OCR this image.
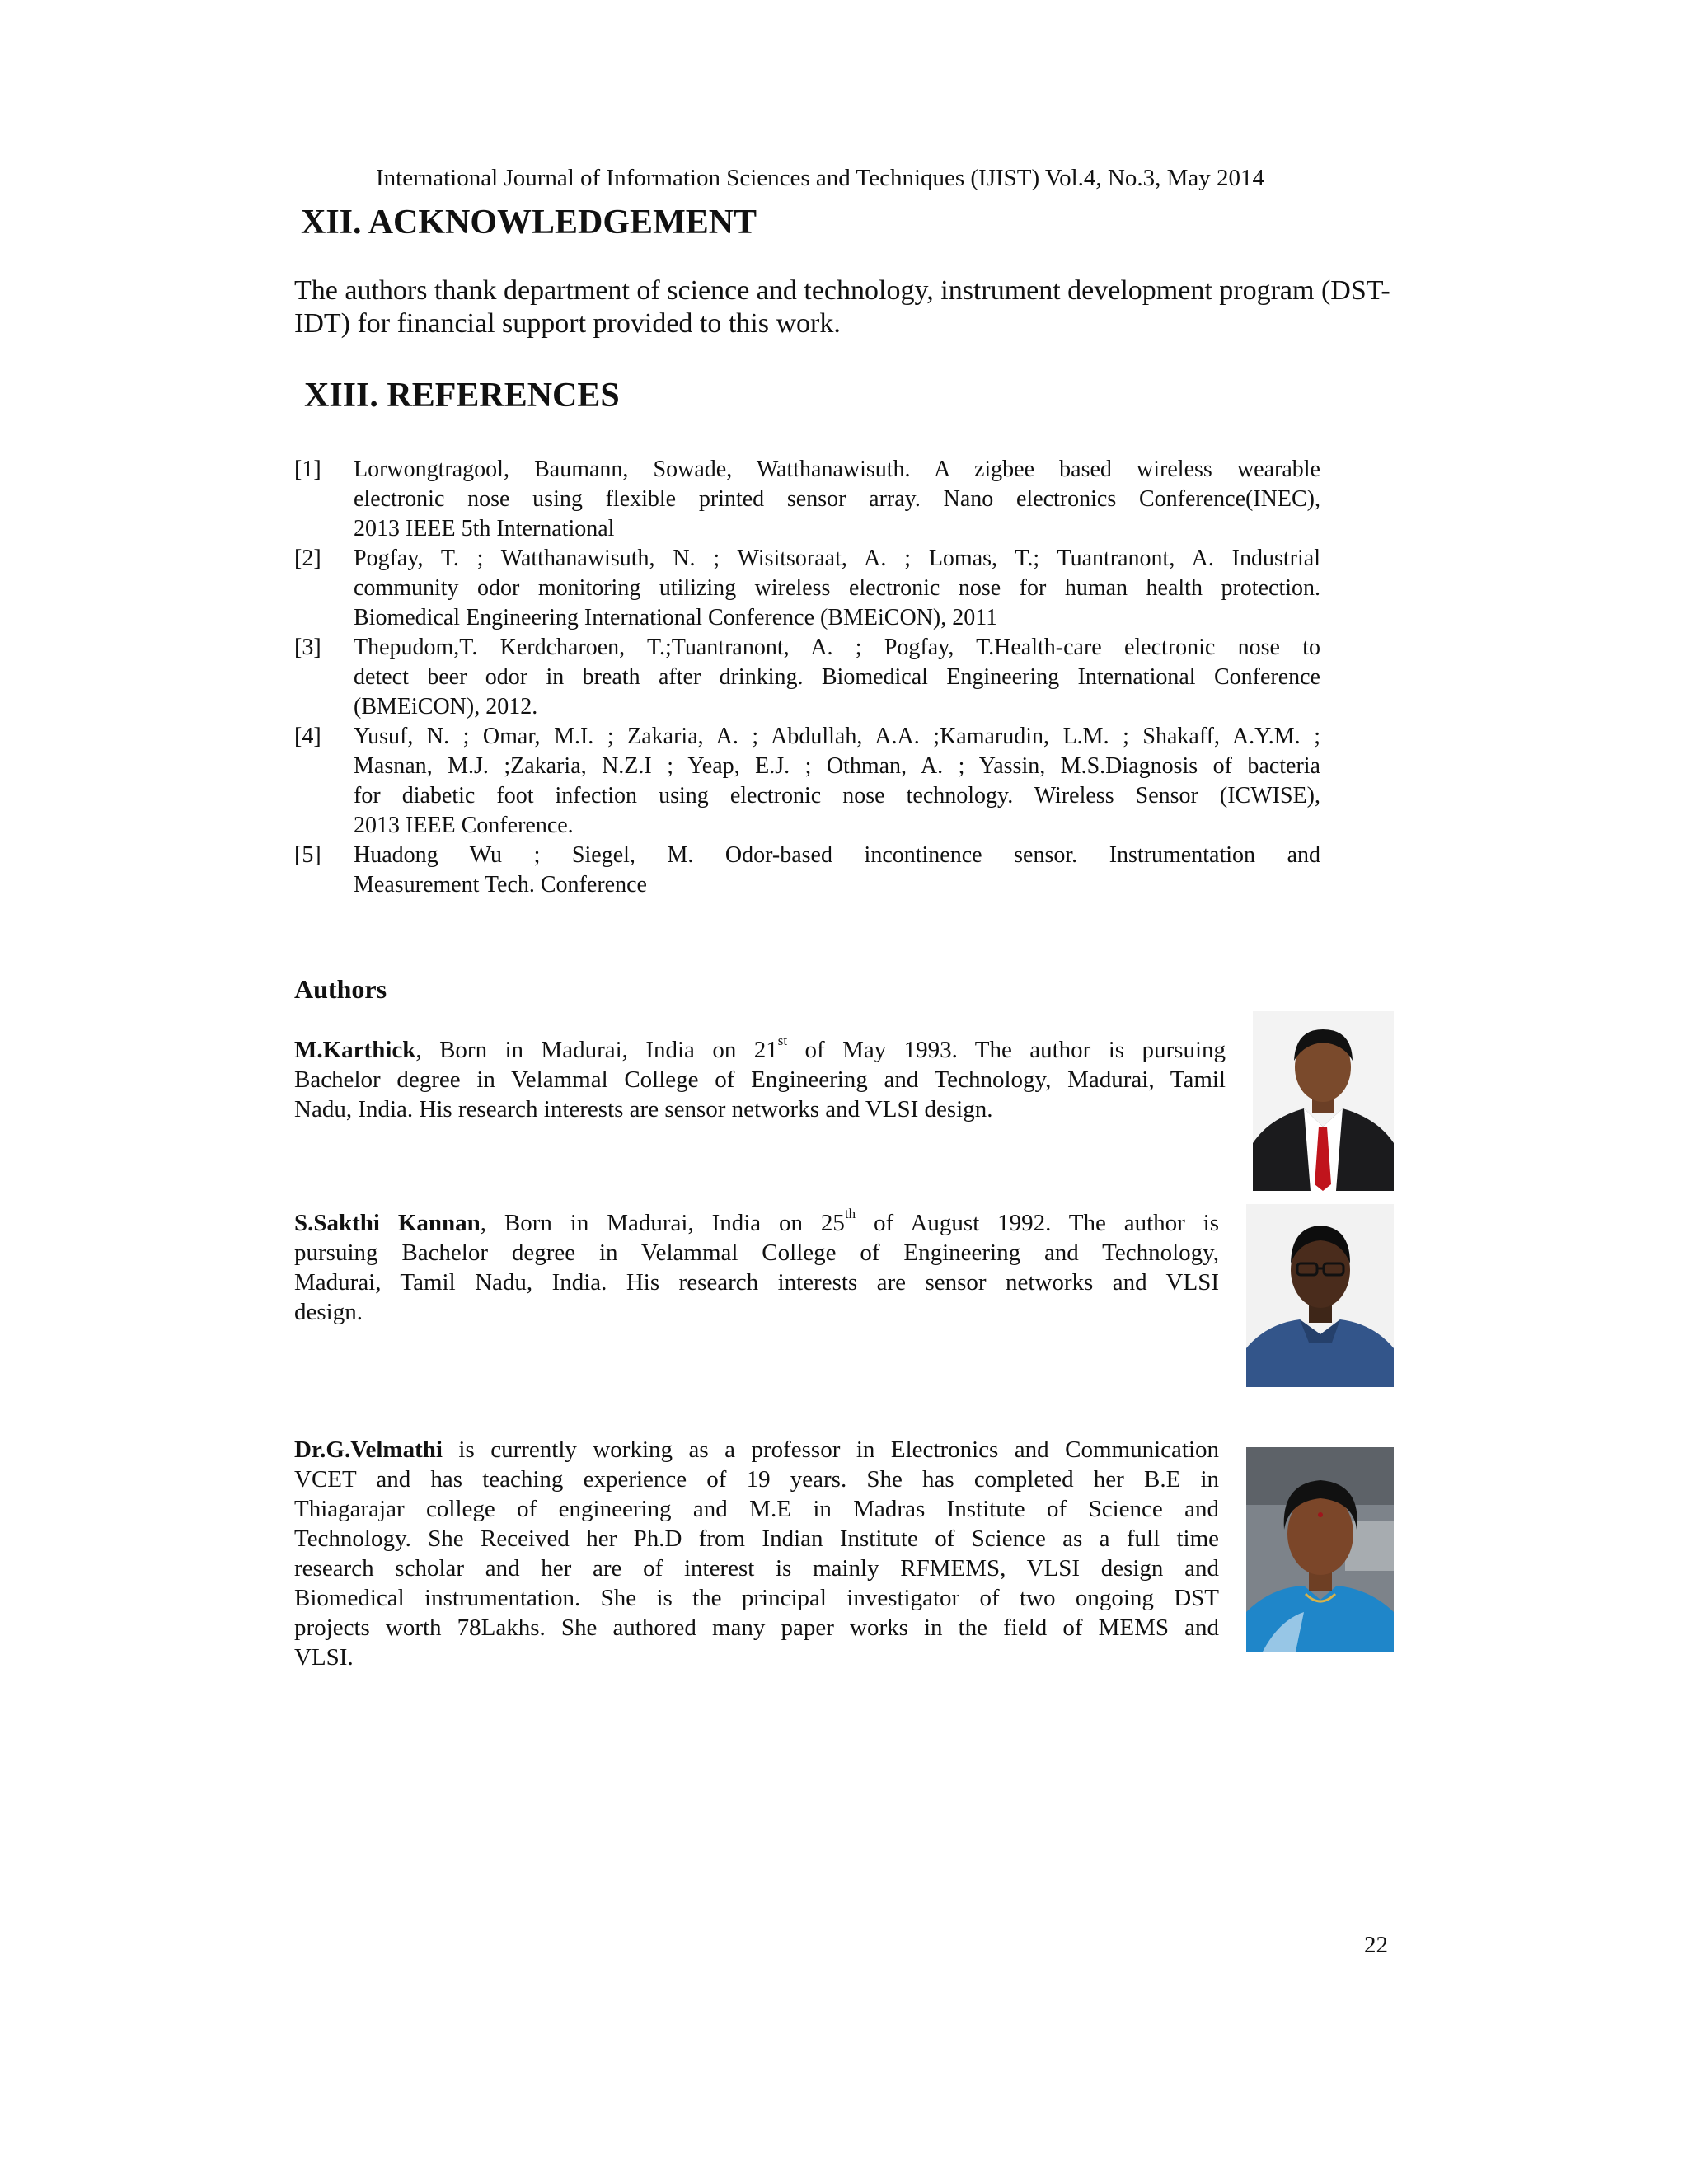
International Journal of Information Sciences and Techniques (IJIST) Vol.4, No.3, May 2014
XII. ACKNOWLEDGEMENT
The authors thank department of science and technology, instrument development program (DST-
IDT) for financial support provided to this work.
XIII. REFERENCES
[1] Lorwongtragool, Baumann, Sowade, Watthanawisuth. A zigbee based wireless wearable
electronic nose using flexible printed sensor array. Nano electronics Conference(INEC),
2013 IEEE 5th International
[2] Pogfay, T. ; Watthanawisuth, N. ; Wisitsoraat, A. ; Lomas, T.; Tuantranont, A. Industrial
community odor monitoring utilizing wireless electronic nose for human health protection.
Biomedical Engineering International Conference (BMEiCON), 2011
[3] Thepudom,T. Kerdcharoen, T.;Tuantranont, A. ; Pogfay, T.Health-care electronic nose to
detect beer odor in breath after drinking. Biomedical Engineering International Conference
(BMEiCON), 2012.
[4] Yusuf, N. ; Omar, M.I. ; Zakaria, A. ; Abdullah, A.A. ;Kamarudin, L.M. ; Shakaff, A.Y.M. ;
Masnan, M.J. ;Zakaria, N.Z.I ; Yeap, E.J. ; Othman, A. ; Yassin, M.S.Diagnosis of bacteria
for diabetic foot infection using electronic nose technology. Wireless Sensor (ICWISE),
2013 IEEE Conference.
[5] Huadong Wu ; Siegel, M. Odor-based incontinence sensor. Instrumentation and
Measurement Tech. Conference
Authors
M.Karthick, Born in Madurai, India on 21st of May 1993. The author is pursuing
Bachelor degree in Velammal College of Engineering and Technology, Madurai, Tamil
Nadu, India. His research interests are sensor networks and VLSI design.
S.Sakthi Kannan, Born in Madurai, India on 25th of August 1992. The author is
pursuing Bachelor degree in Velammal College of Engineering and Technology,
Madurai, Tamil Nadu, India. His research interests are sensor networks and VLSI
design.
Dr.G.Velmathi is currently working as a professor in Electronics and Communication
VCET and has teaching experience of 19 years. She has completed her B.E in
Thiagarajar college of engineering and M.E in Madras Institute of Science and
Technology. She Received her Ph.D from Indian Institute of Science as a full time
research scholar and her are of interest is mainly RFMEMS, VLSI design and
Biomedical instrumentation. She is the principal investigator of two ongoing DST
projects worth 78Lakhs. She authored many paper works in the field of MEMS and
VLSI.
22
